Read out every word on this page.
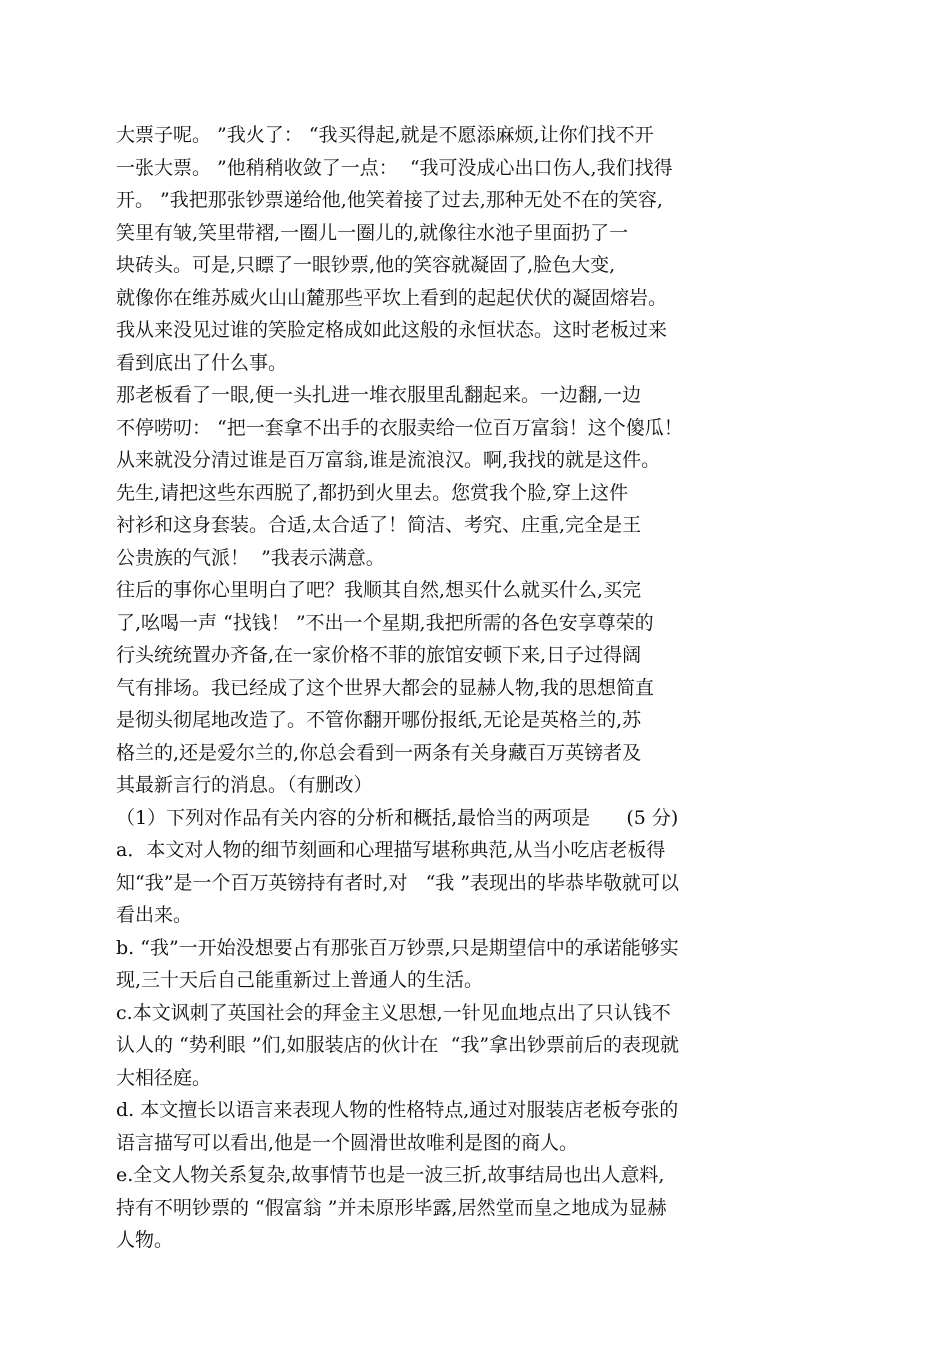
大票子呢。 ”我火了： “我买得起,就是不愿添麻烦,让你们找不开
一张大票。 ”他稍稍收敛了一点：  “我可没成心出口伤人,我们找得
开。 ”我把那张钞票递给他,他笑着接了过去,那种无处不在的笑容,
笑里有皱,笑里带褶,一圈儿一圈儿的,就像往水池子里面扔了一
块砖头。可是,只瞟了一眼钞票,他的笑容就凝固了,脸色大变,
就像你在维苏威火山山麓那些平坎上看到的起起伏伏的凝固熔岩。
我从来没见过谁的笑脸定格成如此这般的永恒状态。这时老板过来
看到底出了什么事。
那老板看了一眼,便一头扎进一堆衣服里乱翻起来。一边翻,一边
不停唠叨： “把一套拿不出手的衣服卖给一位百万富翁！这个傻瓜！
从来就没分清过谁是百万富翁,谁是流浪汉。啊,我找的就是这件。
先生,请把这些东西脱了,都扔到火里去。您赏我个脸,穿上这件
衬衫和这身套装。合适,太合适了！简洁、考究、庄重,完全是王
公贵族的气派！  ”我表示满意。
往后的事你心里明白了吧？我顺其自然,想买什么就买什么,买完
了,吆喝一声 “找钱！ ”不出一个星期,我把所需的各色安享尊荣的
行头统统置办齐备,在一家价格不菲的旅馆安顿下来,日子过得阔
气有排场。我已经成了这个世界大都会的显赫人物,我的思想简直
是彻头彻尾地改造了。不管你翻开哪份报纸,无论是英格兰的,苏
格兰的,还是爱尔兰的,你总会看到一两条有关身藏百万英镑者及
其最新言行的消息。（有删改）
（1）下列对作品有关内容的分析和概括,最恰当的两项是      (5 分)
a．本文对人物的细节刻画和心理描写堪称典范,从当小吃店老板得
知“我”是一个百万英镑持有者时,对   “我 ”表现出的毕恭毕敬就可以
看出来。
b. “我”一开始没想要占有那张百万钞票,只是期望信中的承诺能够实
现,三十天后自己能重新过上普通人的生活。
c.本文讽刺了英国社会的拜金主义思想,一针见血地点出了只认钱不
认人的 “势利眼 ”们,如服装店的伙计在  “我”拿出钞票前后的表现就
大相径庭。
d. 本文擅长以语言来表现人物的性格特点,通过对服装店老板夸张的
语言描写可以看出,他是一个圆滑世故唯利是图的商人。
e.全文人物关系复杂,故事情节也是一波三折,故事结局也出人意料,
持有不明钞票的 “假富翁 ”并未原形毕露,居然堂而皇之地成为显赫
人物。
